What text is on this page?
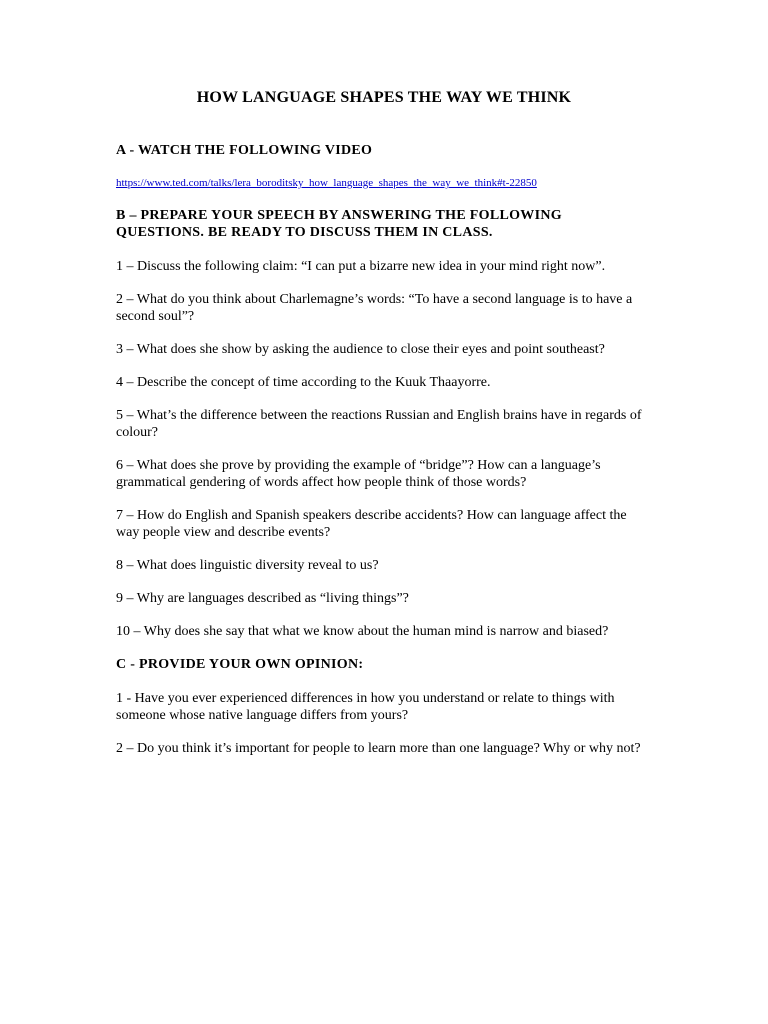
HOW LANGUAGE SHAPES THE WAY WE THINK
A - WATCH THE FOLLOWING VIDEO
https://www.ted.com/talks/lera_boroditsky_how_language_shapes_the_way_we_think#t-22850
B – PREPARE YOUR SPEECH BY ANSWERING THE FOLLOWING QUESTIONS. BE READY TO DISCUSS THEM IN CLASS.
1 – Discuss the following claim: “I can put a bizarre new idea in your mind right now”.
2 – What do you think about Charlemagne’s words: “To have a second language is to have a second soul”?
3 – What does she show by asking the audience to close their eyes and point southeast?
4 – Describe the concept of time according to the Kuuk Thaayorre.
5 – What’s the difference between the reactions Russian and English brains have in regards of colour?
6 – What does she prove by providing the example of “bridge”? How can a language’s grammatical gendering of words affect how people think of those words?
7 – How do English and Spanish speakers describe accidents? How can language affect the way people view and describe events?
8 – What does linguistic diversity reveal to us?
9 – Why are languages described as “living things”?
10 – Why does she say that what we know about the human mind is narrow and biased?
C - PROVIDE YOUR OWN OPINION:
1 - Have you ever experienced differences in how you understand or relate to things with someone whose native language differs from yours?
2 – Do you think it’s important for people to learn more than one language? Why or why not?
